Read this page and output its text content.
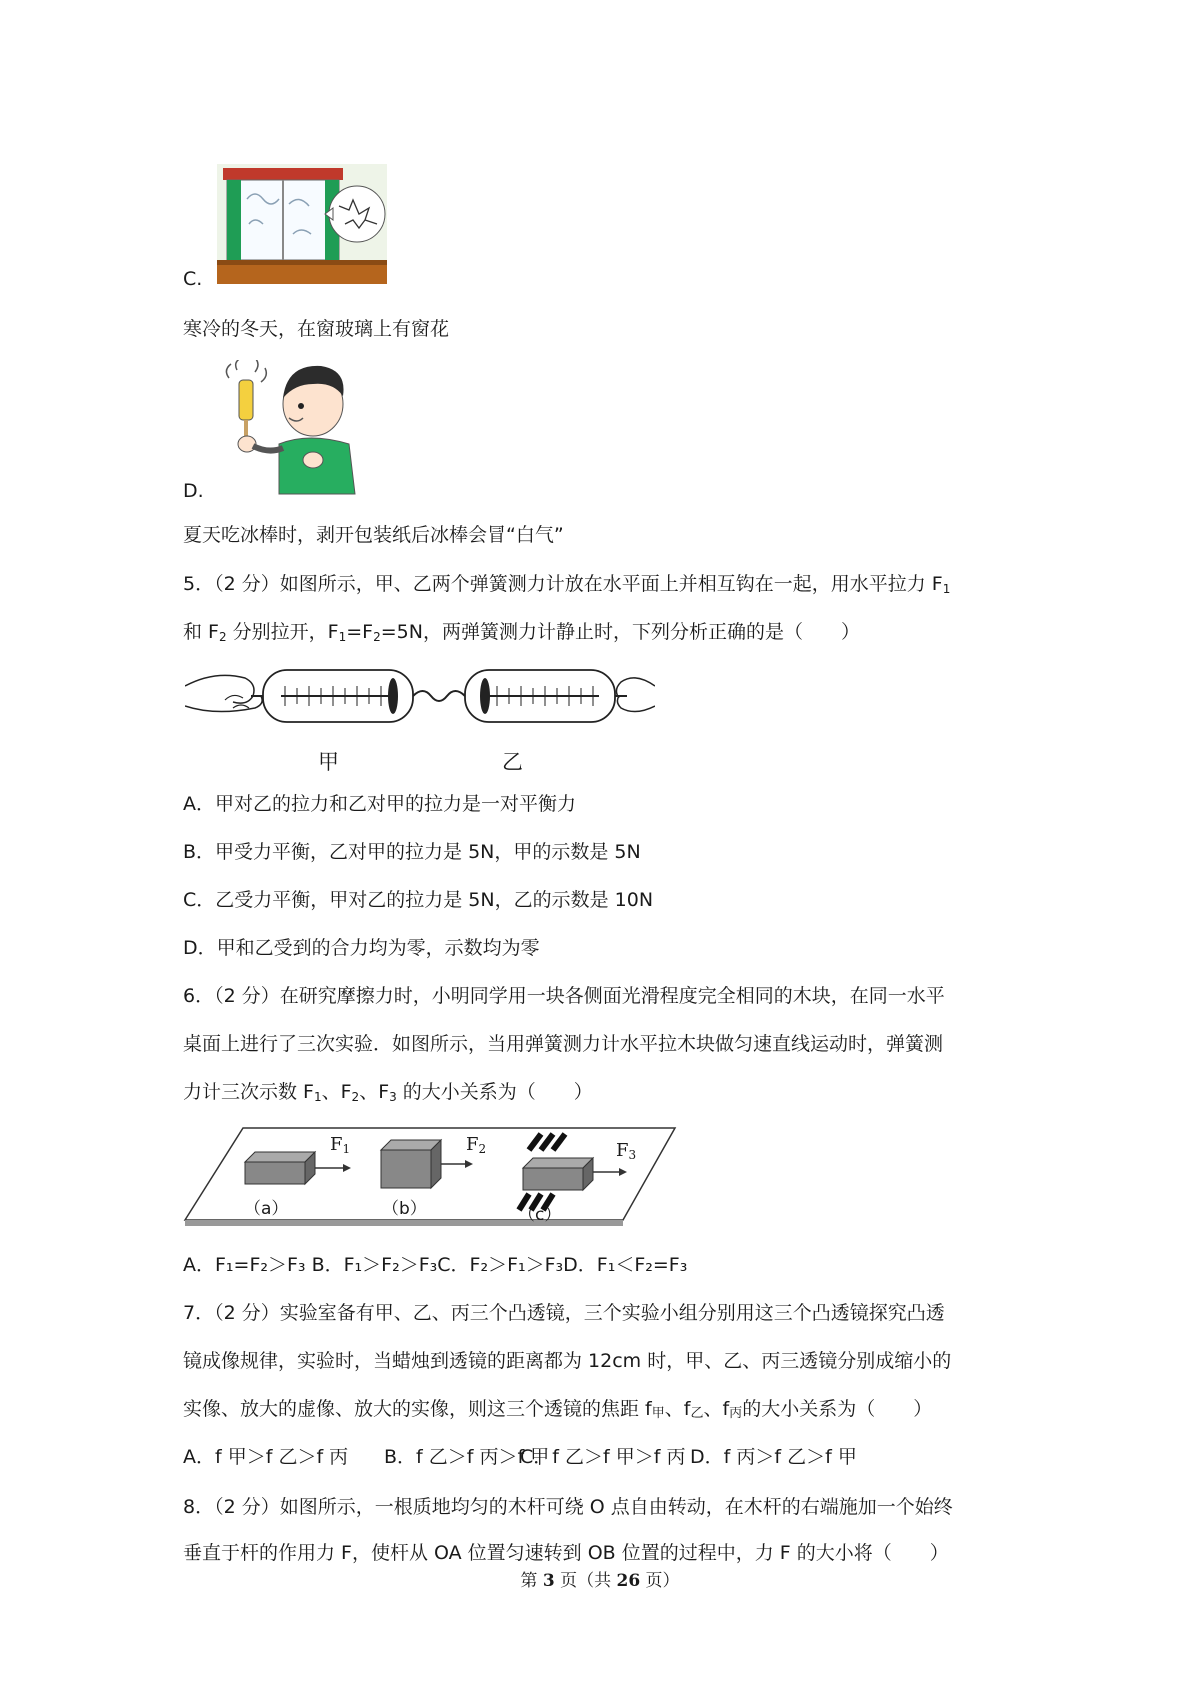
C.
寒冷的冬天，在窗玻璃上有窗花
D.
夏天吃冰棒时，剥开包装纸后冰棒会冒“白气”
5．（2 分）如图所示，甲、乙两个弹簧测力计放在水平面上并相互钩在一起，用水平拉力 $F_1$
和 $F_2$ 分别拉开，$F_1=F_2=5N$，两弹簧测力计静止时，下列分析正确的是（　　）
甲	乙
A．甲对乙的拉力和乙对甲的拉力是一对平衡力
B．甲受力平衡，乙对甲的拉力是 5N，甲的示数是 5N
C．乙受力平衡，甲对乙的拉力是 5N，乙的示数是 10N
D．甲和乙受到的合力均为零，示数均为零
6．（2 分）在研究摩擦力时，小明同学用一块各侧面光滑程度完全相同的木块，在同一水平
桌面上进行了三次实验．如图所示，当用弹簧测力计水平拉木块做匀速直线运动时，弹簧测
力计三次示数 $F_1$、$F_2$、$F_3$ 的大小关系为（　　）
$F_1$	$F_2$	$F_3$
（a）	（b）	（c）
A．F₁=F₂＞F₃ B．F₁＞F₂＞F₃C．F₂＞F₁＞F₃D．F₁＜F₂=F₃
7．（2 分）实验室备有甲、乙、丙三个凸透镜，三个实验小组分别用这三个凸透镜探究凸透
镜成像规律，实验时，当蜡烛到透镜的距离都为 12cm 时，甲、乙、丙三透镜分别成缩小的
实像、放大的虚像、放大的实像，则这三个透镜的焦距 f甲、f乙、f丙的大小关系为（　　）
A．f 甲＞f 乙＞f 丙 B．f 乙＞f 丙＞f 甲
C．f 乙＞f 甲＞f 丙 D．f 丙＞f 乙＞f 甲
8．（2 分）如图所示，一根质地均匀的木杆可绕 O 点自由转动，在木杆的右端施加一个始终
垂直于杆的作用力 F，使杆从 OA 位置匀速转到 OB 位置的过程中，力 F 的大小将（　　）
第 3 页（共 26 页）
